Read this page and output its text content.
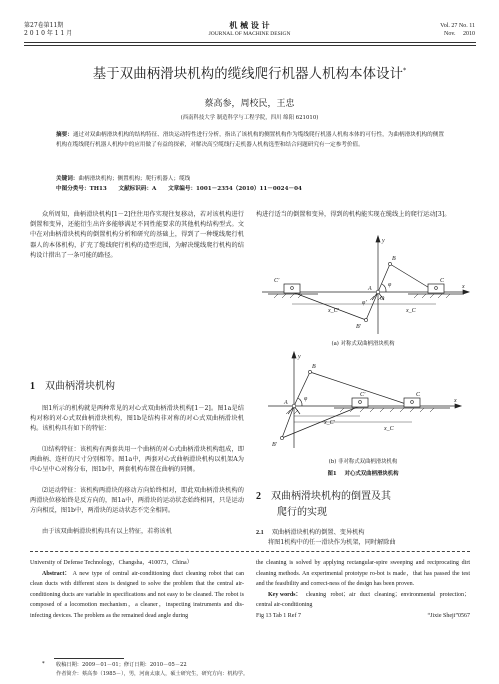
第27卷第11期
2 0 1 0 年 1 1 月
机 械 设 计
JOURNAL OF MACHINE DESIGN
Vol. 27 No. 11
Nov.     2010
基于双曲柄滑块机构的缆线爬行机器人机构本体设计*
蔡高参，周校民，王忠
(西南科技大学 制造科学与工程学院，四川 绵阳 621010)
摘要：通过对双曲柄滑块机构的结构特征、滑块运动特性进行分析，指出了该机构的侧置机构作为缆线爬行机器人机构本体的可行性，为曲柄滑块机构的侧置机构在缆线爬行机器人机构中的应用做了有益的探索，对解决高空缆线行走机器人机构选型和结合问题研究有一定参考价值。
关键词：曲柄滑块机构；侧置机构；爬行机器人；缆线
中图分类号：TH13      文献标识码：A      文章编号：1001－2354（2010）11－0024－04
众所周知，曲柄滑块机构[1－2]往往用作实现往复移动，若对该机构进行倒置和变异，还能衍生出许多能够满足不同性能要求的其他机构结构型式。文中在对曲柄滑块机构的倒置机构分析和研究的基础上，得到了一种缆线爬行机器人的本体机构，扩充了缆线爬行机构的造型范围，为解决缆线爬行机构的结构设计措出了一条可能的路径。
1 双曲柄滑块机构
图1所示的机构就是两种常见的对心式双曲柄滑块机构[1－2]。图1a是结构对称的对心式双曲柄滑块机构，图1b是结构非对称的对心式双曲柄滑块机构。该机构具有如下的特征：
⑴结构特征：该机构有两套共用一个曲柄的对心式曲柄滑块机构组成，即两曲柄、连杆的尺寸分别相等。图1a中，两套对心式曲柄滑块机构以机架A为中心呈中心对称分布，图1b中，两套机构布置在曲柄的同侧。
⑵运动特征：该机构两滑块的移动方向始终相对，即此双曲柄滑块机构的两滑块位移始终是反方向的，图1a中，两滑块的运动状态始终相同，只是运动方向相反，图1b中，两滑块的运动状态不完全相同。
由于该双曲柄滑块机构具有以上特征，若将该机
构进行适当的倒置和变异，得到的机构能实现在缆线上的爬行运动[3]。
C
C'
A
B
B'
φ
φ'
x_C
x_C'
y
x
O
(a) 对称式双曲柄滑块机构
C
C'
A
B
B'
φ
x_C
x_C'
y
x
(b) 非对称式双曲柄滑块机构
图1 对心式双曲柄滑块机构
2 双曲柄滑块机构的倒置及其
爬行的实现
2.1 双曲柄滑块机构的倒置、变异机构
将图1机构中的任一滑块作为机架，同时解除曲
University of Defense Technology，Changsha，410073，China）
Abstract： A new type of central air-conditioning duct cleaning robot that can clean ducts with different sizes is designed to solve the problem that the central air-conditioning ducts are variable in specifications and not easy to be cleaned. The robot is composed of a locomotion mechanism，a cleaner，inspecting instruments and dis-infecting devices. The problem as the remained dead angle during
the cleaning is solved by applying rectangular-spire sweeping and reciprocating dirt cleaning methods. An experimental prototype ro-bot is made，that has passed the test and the feasibility and correct-ness of the design has been proven.
Key words： cleaning robot；air duct cleaning；environmental protection；central air-conditioning
Fig 13 Tab 1 Ref 7	“Jixie Sheji”0567
* 收稿日期：2009－01－01；修订日期：2010－05－22
作者简介：蔡高参（1985－），男，河南太康人，硕士研究生，研究方向：机构学。
